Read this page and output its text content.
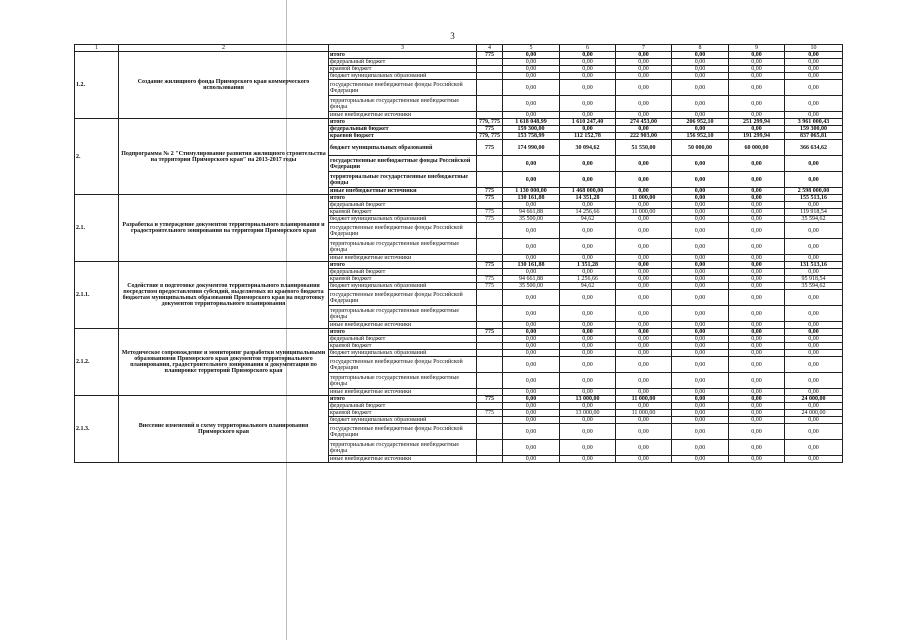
3
1	2	3	4	5	6	7	8	9	10
1.2.	Создание жилищного фонда Приморского края коммерческого использования	итого	775	0,00	0,00	0,00	0,00	0,00	0,00
		федеральный бюджет		0,00	0,00	0,00	0,00	0,00	0,00
		краевой бюджет		0,00	0,00	0,00	0,00	0,00	0,00
		бюджет муниципальных образований		0,00	0,00	0,00	0,00	0,00	0,00
		государственные внебюджетные фонды Российской Федерации		0,00	0,00	0,00	0,00	0,00	0,00
		территориальные государственные внебюджетные фонды		0,00	0,00	0,00	0,00	0,00	0,00
		иные внебюджетные источники		0,00	0,00	0,00	0,00	0,00	0,00
2.	Подпрограмма № 2 "Стимулирование развития жилищного строительства на территории Приморского края" на 2013-2017 годы	итого	779, 775	1 618 048,99	1 610 247,40	274 453,00	206 952,10	251 299,94	3 961 000,43
		федеральный бюджет	775	159 300,00	0,00	0,00	0,00	0,00	159 300,00
		краевой бюджет	779, 775	153 758,99	112 152,78	222 903,00	156 952,10	191 299,94	837 065,81
		бюджет муниципальных образований	775	174 990,00	30 094,62	51 550,00	50 000,00	60 000,00	366 634,62
		государственные внебюджетные фонды Российской Федерации		0,00	0,00	0,00	0,00	0,00	0,00
		территориальные государственные внебюджетные фонды		0,00	0,00	0,00	0,00	0,00	0,00
		иные внебюджетные источники	775	1 130 000,00	1 468 000,00	0,00	0,00	0,00	2 598 000,00
2.1.	Разработка и утверждение документов территориального планирования и градостроительного зонирования на территории Приморского края	итого	775	130 161,88	14 351,28	11 000,00	0,00	0,00	155 513,16
		федеральный бюджет		0,00	0,00	0,00	0,00	0,00	0,00
		краевой бюджет	775	94 661,88	14 256,66	11 000,00	0,00	0,00	119 918,54
		бюджет муниципальных образований	775	35 500,00	94,62	0,00	0,00	0,00	35 594,62
		государственные внебюджетные фонды Российской Федерации		0,00	0,00	0,00	0,00	0,00	0,00
		территориальные государственные внебюджетные фонды		0,00	0,00	0,00	0,00	0,00	0,00
		иные внебюджетные источники		0,00	0,00	0,00	0,00	0,00	0,00
2.1.1.	Содействие в подготовке документов территориального планирования посредством предоставления субсидий, выделяемых из краевого бюджета бюджетам муниципальных образований Приморского края на подготовку документов территориального планирования	итого	775	130 161,88	1 351,28	0,00	0,00	0,00	131 513,16
		федеральный бюджет		0,00	0,00	0,00	0,00	0,00	0,00
		краевой бюджет	775	94 661,88	1 256,66	0,00	0,00	0,00	95 918,54
		бюджет муниципальных образований	775	35 500,00	94,62	0,00	0,00	0,00	35 594,62
		государственные внебюджетные фонды Российской Федерации		0,00	0,00	0,00	0,00	0,00	0,00
		территориальные государственные внебюджетные фонды		0,00	0,00	0,00	0,00	0,00	0,00
		иные внебюджетные источники		0,00	0,00	0,00	0,00	0,00	0,00
2.1.2.	Методическое сопровождение и мониторинг разработки муниципальными образованиями Приморского края документов территориального планирования, градостроительного зонирования и документации по планировке территорий Приморского края	итого	775	0,00	0,00	0,00	0,00	0,00	0,00
		федеральный бюджет		0,00	0,00	0,00	0,00	0,00	0,00
		краевой бюджет		0,00	0,00	0,00	0,00	0,00	0,00
		бюджет муниципальных образований		0,00	0,00	0,00	0,00	0,00	0,00
		государственные внебюджетные фонды Российской Федерации		0,00	0,00	0,00	0,00	0,00	0,00
		территориальные государственные внебюджетные фонды		0,00	0,00	0,00	0,00	0,00	0,00
		иные внебюджетные источники		0,00	0,00	0,00	0,00	0,00	0,00
2.1.3.	Внесение изменений в схему территориального планирования Приморского края	итого	775	0,00	13 000,00	11 000,00	0,00	0,00	24 000,00
		федеральный бюджет		0,00	0,00	0,00	0,00	0,00	0,00
		краевой бюджет	775	0,00	13 000,00	11 000,00	0,00	0,00	24 000,00
		бюджет муниципальных образований		0,00	0,00	0,00	0,00	0,00	0,00
		государственные внебюджетные фонды Российской Федерации		0,00	0,00	0,00	0,00	0,00	0,00
		территориальные государственные внебюджетные фонды		0,00	0,00	0,00	0,00	0,00	0,00
		иные внебюджетные источники		0,00	0,00	0,00	0,00	0,00	0,00
